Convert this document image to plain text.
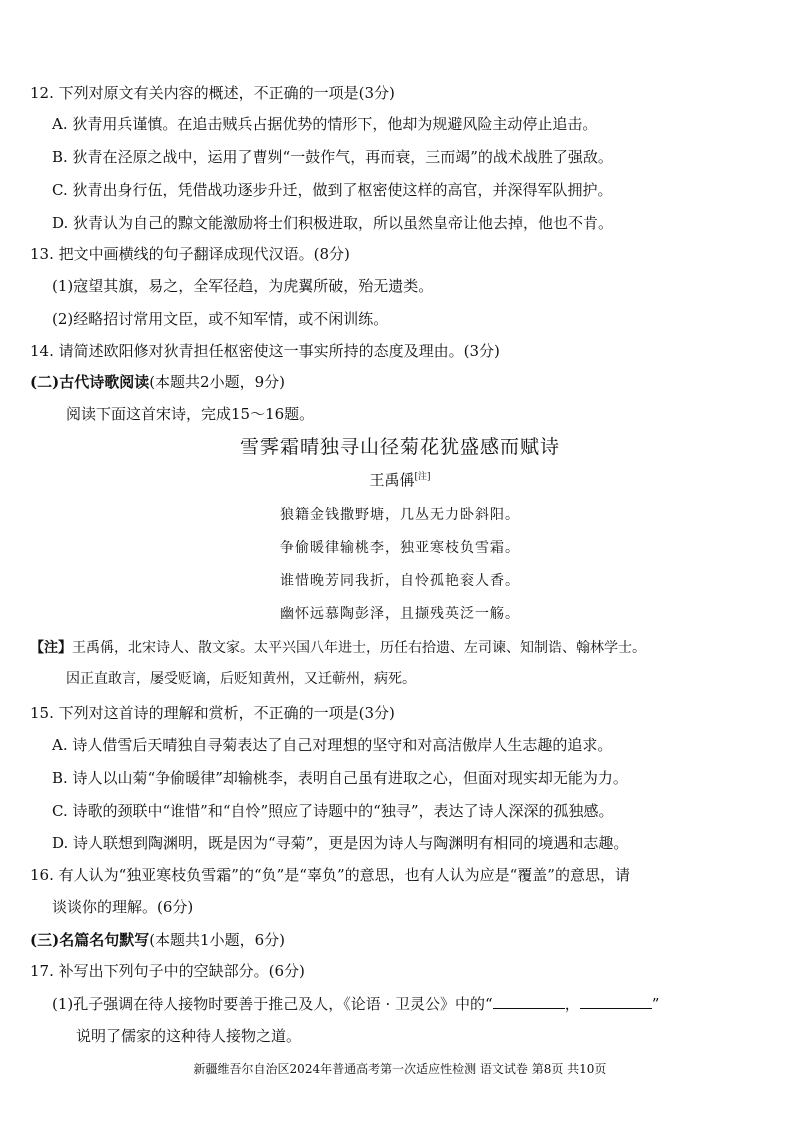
12. 下列对原文有关内容的概述，不正确的一项是(3分)
A. 狄青用兵谨慎。在追击贼兵占据优势的情形下，他却为规避风险主动停止追击。
B. 狄青在泾原之战中，运用了曹刿“一鼓作气，再而衰，三而竭”的战术战胜了强敌。
C. 狄青出身行伍，凭借战功逐步升迁，做到了枢密使这样的高官，并深得军队拥护。
D. 狄青认为自己的黥文能激励将士们积极进取，所以虽然皇帝让他去掉，他也不肯。
13. 把文中画横线的句子翻译成现代汉语。(8分)
(1)寇望其旗，易之，全军径趋，为虎翼所破，殆无遗类。
(2)经略招讨常用文臣，或不知军情，或不闲训练。
14. 请简述欧阳修对狄青担任枢密使这一事实所持的态度及理由。(3分)
(二)古代诗歌阅读(本题共2小题，9分)
阅读下面这首宋诗，完成15～16题。
雪霁霜晴独寻山径菊花犹盛感而赋诗
王禹偁[注]
狼籍金钱撒野塘，几丛无力卧斜阳。
争偷暖律输桃李，独亚寒枝负雪霜。
谁惜晚芳同我折，自怜孤艳衮人香。
幽怀远慕陶彭泽，且撷残英泛一觞。
【注】王禹偁，北宋诗人、散文家。太平兴国八年进士，历任右拾遗、左司谏、知制诰、翰林学士。
因正直敢言，屡受贬谪，后贬知黄州，又迁蕲州，病死。
15. 下列对这首诗的理解和赏析，不正确的一项是(3分)
A. 诗人借雪后天晴独自寻菊表达了自己对理想的坚守和对高洁傲岸人生志趣的追求。
B. 诗人以山菊“争偷暖律”却输桃李，表明自己虽有进取之心，但面对现实却无能为力。
C. 诗歌的颈联中“谁惜”和“自怜”照应了诗题中的“独寻”，表达了诗人深深的孤独感。
D. 诗人联想到陶渊明，既是因为“寻菊”，更是因为诗人与陶渊明有相同的境遇和志趣。
16. 有人认为“独亚寒枝负雪霜”的“负”是“辜负”的意思，也有人认为应是“覆盖”的意思，请
谈谈你的理解。(6分)
(三)名篇名句默写(本题共1小题，6分)
17. 补写出下列句子中的空缺部分。(6分)
(1)孔子强调在待人接物时要善于推己及人，《论语 · 卫灵公》中的“	，	”
说明了儒家的这种待人接物之道。
新疆维吾尔自治区2024年普通高考第一次适应性检测 语文试卷 第8页 共10页
